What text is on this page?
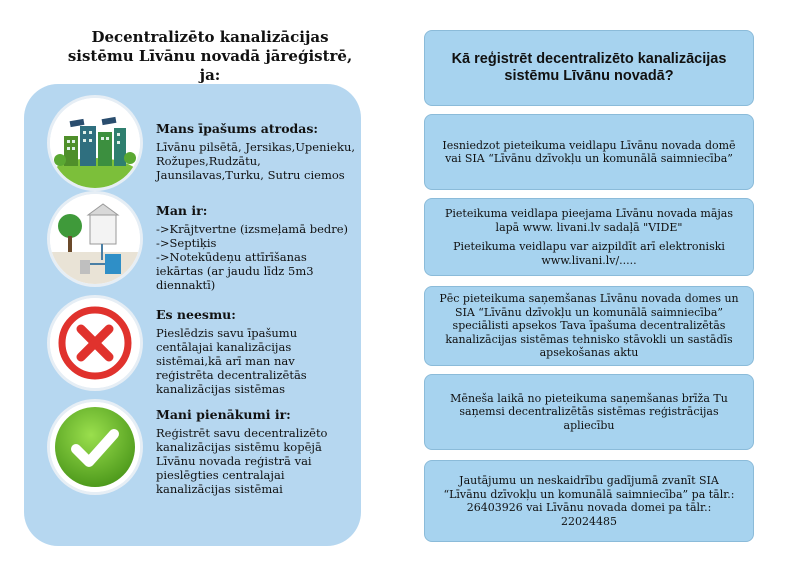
Decentralizēto kanalizācijas
sistēmu Līvānu novadā jāreģistrē, ja:
Mans īpašums atrodas:
Līvānu pilsētā, Jersikas,Upenieku, Rožupes,Rudzātu, Jaunsilavas,Turku, Sutru ciemos
Man ir:
->Krājtvertne (izsmeļamā bedre)
->Septiķis
->Notekūdeņu attīrīšanas iekārtas (ar jaudu līdz 5m3 diennaktī)
Es neesmu:
Pieslēdzis savu īpašumu centālajai kanalizācijas sistēmai,kā arī man nav reģistrēta decentralizētās kanalizācijas sistēmas
Mani pienākumi ir:
Reģistrēt savu decentralizēto kanalizācijas sistēmu kopējā Līvānu novada reģistrā vai pieslēgties centralajai kanalizācijas sistēmai
Kā reģistrēt decentralizēto kanalizācijas sistēmu Līvānu novadā?
Iesniedzot pieteikuma veidlapu Līvānu novada domē vai SIA “Līvānu dzīvokļu un komunālā saimniecība”
Pieteikuma veidlapa pieejama Līvānu novada mājas lapā www. livani.lv sadaļā "VIDE"
Pieteikuma veidlapu var aizpildīt arī elektroniski www.livani.lv/.....
Pēc pieteikuma saņemšanas Līvānu novada domes un SIA “Līvānu dzīvokļu un komunālā saimniecība” speciālisti apsekos Tava īpašuma decentralizētās kanalizācijas sistēmas tehnisko stāvokli un sastādīs apsekošanas aktu
Mēneša laikā no pieteikuma saņemšanas brīža Tu saņemsi decentralizētās sistēmas reģistrācijas apliecību
Jautājumu un neskaidrību gadījumā zvanīt SIA “Līvānu dzīvokļu un komunālā saimniecība” pa tālr.: 26403926 vai Līvānu novada domei pa tālr.: 22024485
